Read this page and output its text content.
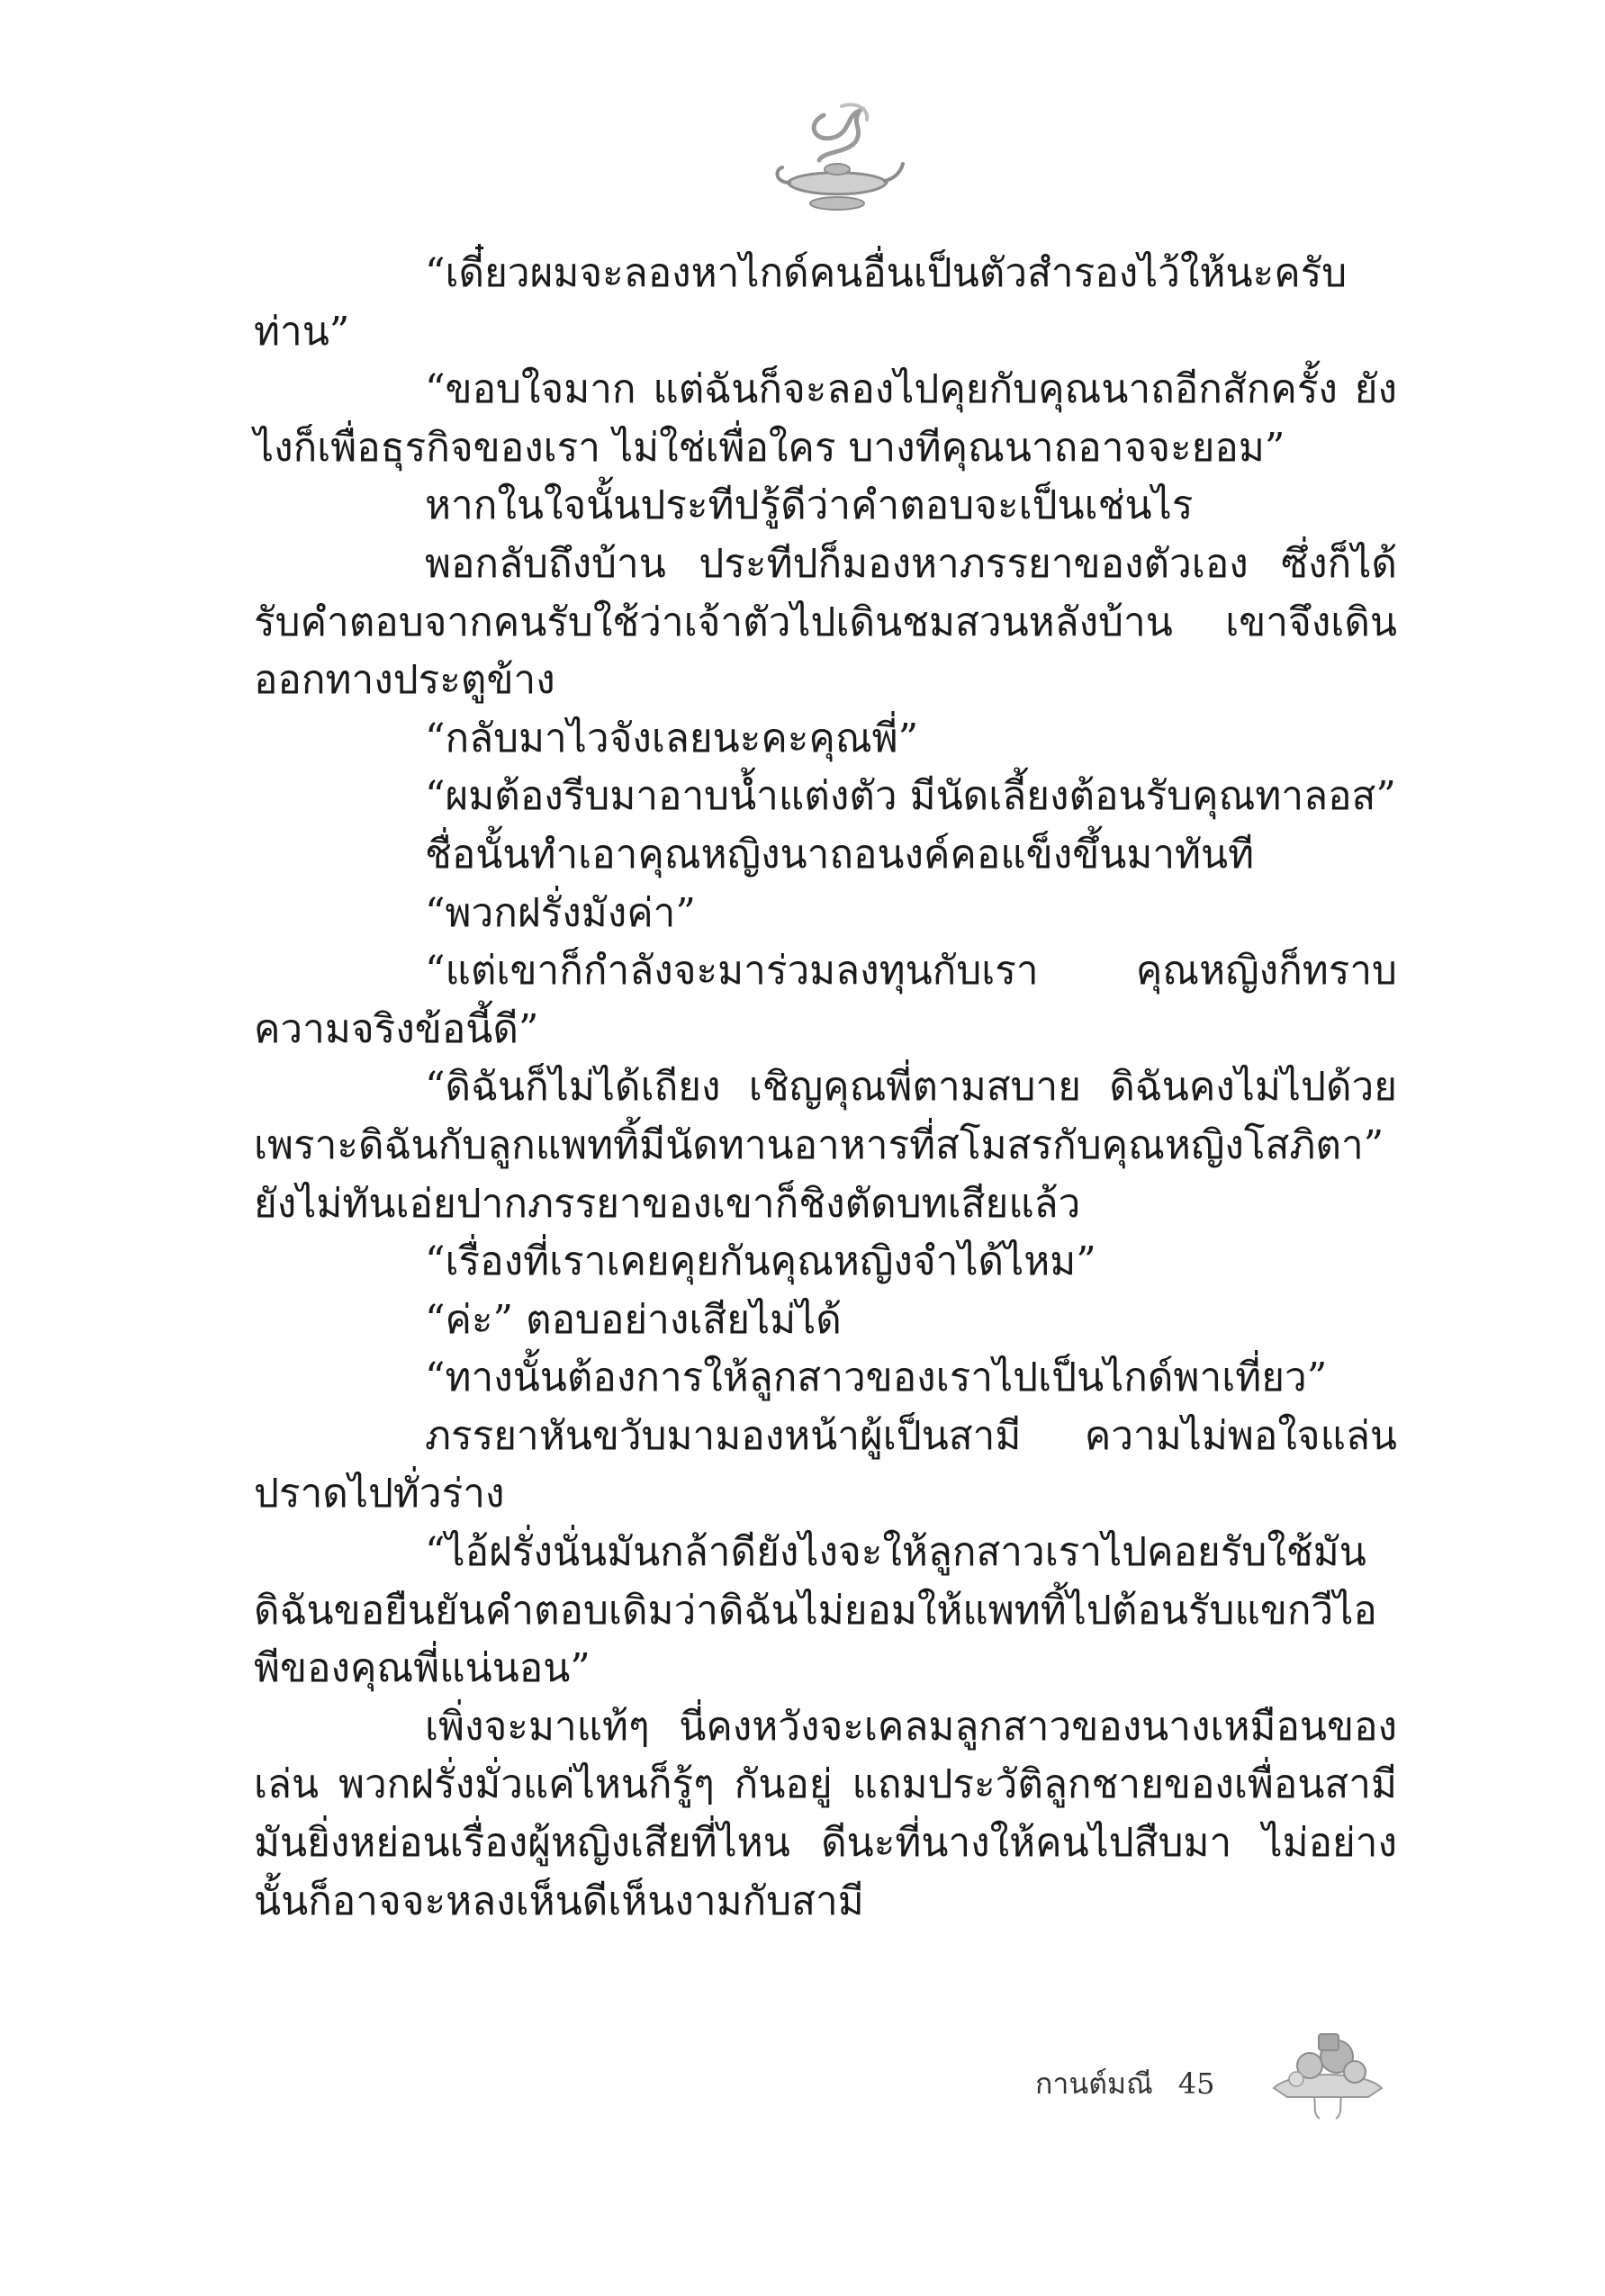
“เดี๋ยวผมจะลองหาไกด์คนอื่นเป็นตัวสำรองไว้ให้นะครับท่าน”

“ขอบใจมาก แต่ฉันก็จะลองไปคุยกับคุณนาถอีกสักครั้ง ยังไงก็เพื่อธุรกิจของเรา ไม่ใช่เพื่อใคร บางทีคุณนาถอาจจะยอม”

หากในใจนั้นประทีปรู้ดีว่าคำตอบจะเป็นเช่นไร

พอกลับถึงบ้าน ประทีปก็มองหาภรรยาของตัวเอง ซึ่งก็ได้รับคำตอบจากคนรับใช้ว่าเจ้าตัวไปเดินชมสวนหลังบ้าน เขาจึงเดินออกทางประตูข้าง

“กลับมาไวจังเลยนะคะคุณพี่”

“ผมต้องรีบมาอาบน้ำแต่งตัว มีนัดเลี้ยงต้อนรับคุณทาลอส”

ชื่อนั้นทำเอาคุณหญิงนาถอนงค์คอแข็งขึ้นมาทันที

“พวกฝรั่งมังค่า”

“แต่เขาก็กำลังจะมาร่วมลงทุนกับเรา คุณหญิงก็ทราบความจริงข้อนี้ดี”

“ดิฉันก็ไม่ได้เถียง เชิญคุณพี่ตามสบาย ดิฉันคงไม่ไปด้วยเพราะดิฉันกับลูกแพททิ้มีนัดทานอาหารที่สโมสรกับคุณหญิงโสภิตา” ยังไม่ทันเอ่ยปากภรรยาของเขาก็ชิงตัดบทเสียแล้ว

“เรื่องที่เราเคยคุยกันคุณหญิงจำได้ไหม”

“ค่ะ” ตอบอย่างเสียไม่ได้

“ทางนั้นต้องการให้ลูกสาวของเราไปเป็นไกด์พาเที่ยว”

ภรรยาหันขวับมามองหน้าผู้เป็นสามี ความไม่พอใจแล่นปราดไปทั่วร่าง

“ไอ้ฝรั่งนั่นมันกล้าดียังไงจะให้ลูกสาวเราไปคอยรับใช้มัน ดิฉันขอยืนยันคำตอบเดิมว่าดิฉันไม่ยอมให้แพททิ้ไปต้อนรับแขกวีไอพีของคุณพี่แน่นอน”

เพิ่งจะมาแท้ๆ นี่คงหวังจะเคลมลูกสาวของนางเหมือนของเล่น พวกฝรั่งมั่วแค่ไหนก็รู้ๆ กันอยู่ แถมประวัติลูกชายของเพื่อนสามีมันยิ่งหย่อนเรื่องผู้หญิงเสียที่ไหน ดีนะที่นางให้คนไปสืบมา ไม่อย่างนั้นก็อาจจะหลงเห็นดีเห็นงามกับสามี

กานต์มณี 45
